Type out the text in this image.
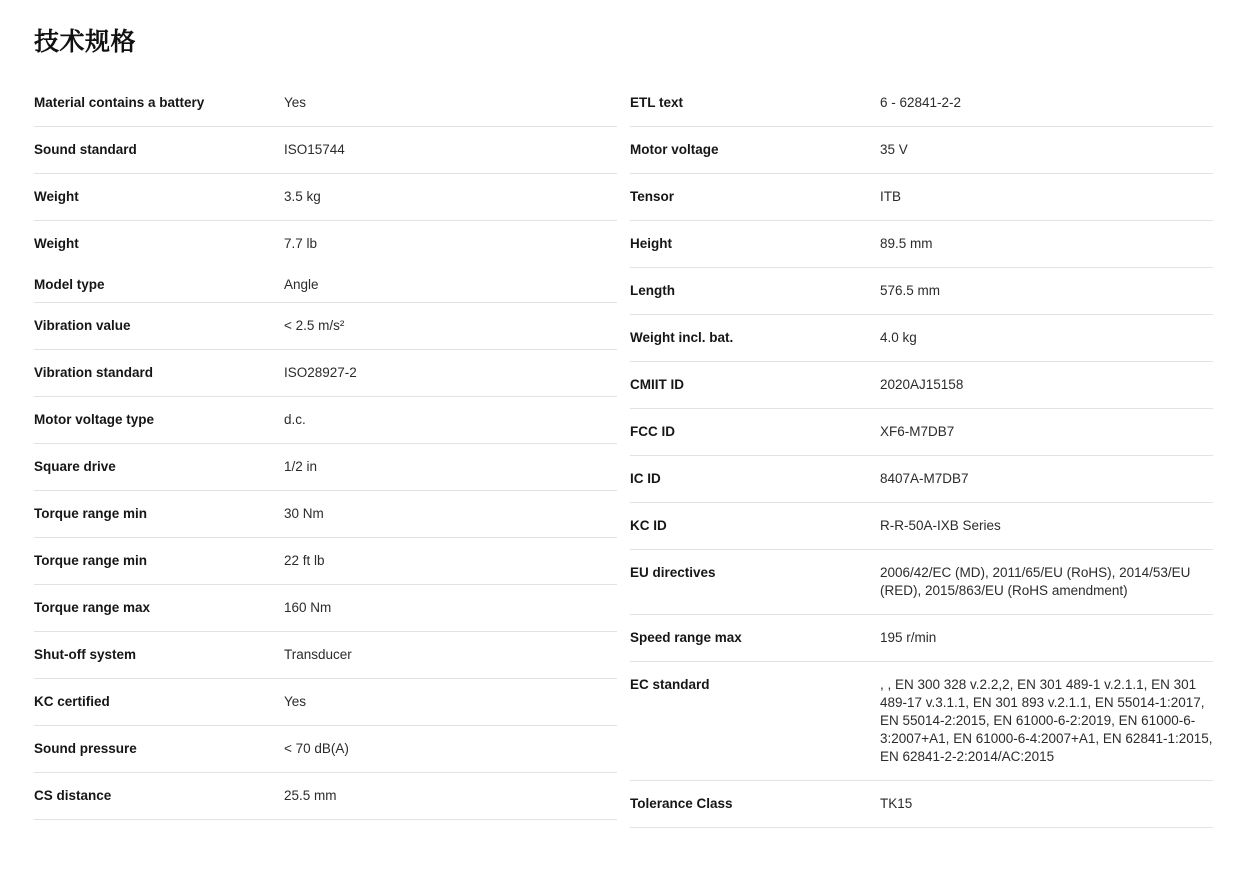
技术规格
Material contains a battery	Yes
Sound standard	ISO15744
Weight	3.5 kg
Weight	7.7 lb
Model type	Angle
Vibration value	< 2.5 m/s²
Vibration standard	ISO28927-2
Motor voltage type	d.c.
Square drive	1/2 in
Torque range min	30 Nm
Torque range min	22 ft lb
Torque range max	160 Nm
Shut-off system	Transducer
KC certified	Yes
Sound pressure	< 70 dB(A)
CS distance	25.5 mm
ETL text	6 - 62841-2-2
Motor voltage	35 V
Tensor	ITB
Height	89.5 mm
Length	576.5 mm
Weight incl. bat.	4.0 kg
CMIIT ID	2020AJ15158
FCC ID	XF6-M7DB7
IC ID	8407A-M7DB7
KC ID	R-R-50A-IXB Series
EU directives	2006/42/EC (MD), 2011/65/EU (RoHS), 2014/53/EU (RED), 2015/863/EU (RoHS amendment)
Speed range max	195 r/min
EC standard	, , EN 300 328 v.2.2,2, EN 301 489-1 v.2.1.1, EN 301 489-17 v.3.1.1, EN 301 893 v.2.1.1, EN 55014-1:2017, EN 55014-2:2015, EN 61000-6-2:2019, EN 61000-6-3:2007+A1, EN 61000-6-4:2007+A1, EN 62841-1:2015, EN 62841-2-2:2014/AC:2015
Tolerance Class	TK15
